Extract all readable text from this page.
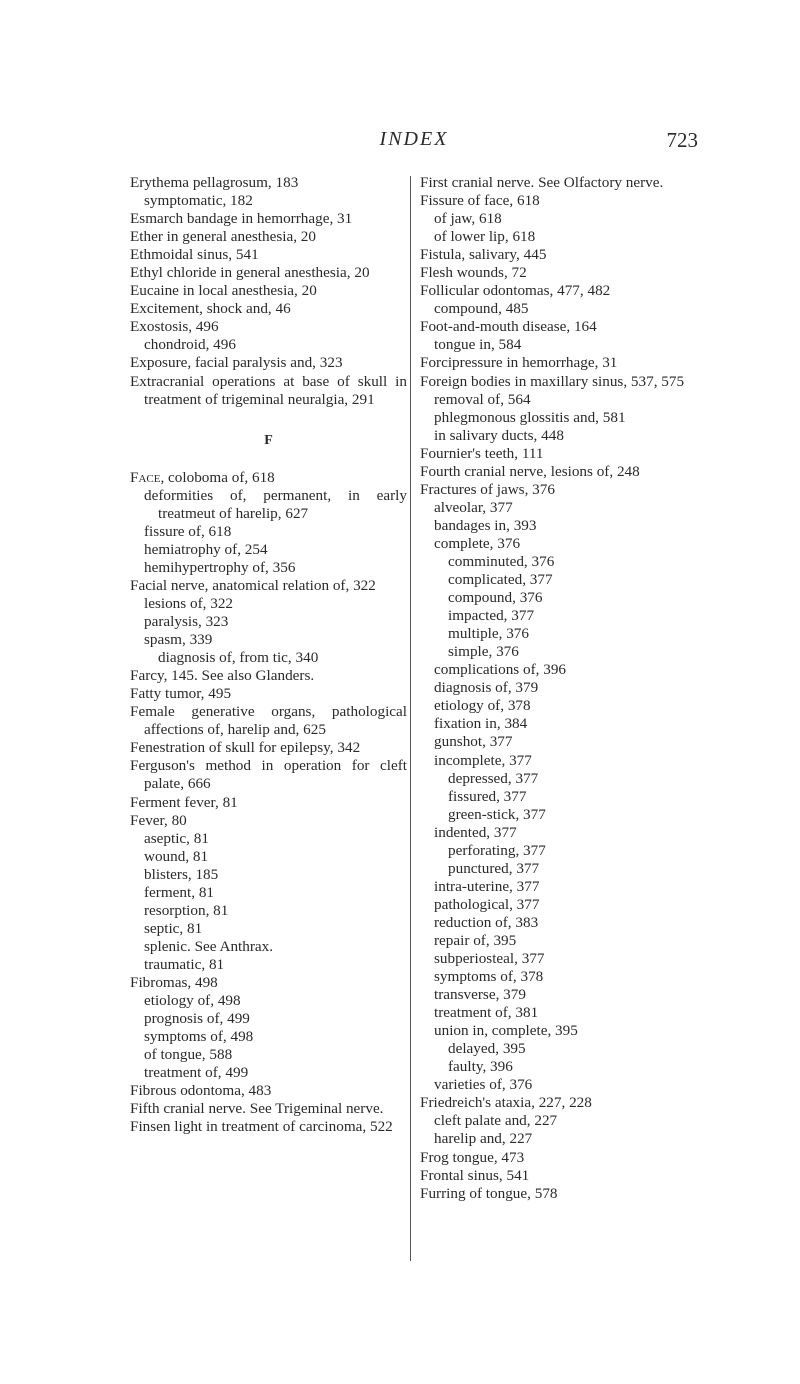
INDEX	723
Erythema pellagrosum, 183
symptomatic, 182
Esmarch bandage in hemorrhage, 31
Ether in general anesthesia, 20
Ethmoidal sinus, 541
Ethyl chloride in general anesthesia, 20
Eucaine in local anesthesia, 20
Excitement, shock and, 46
Exostosis, 496
chondroid, 496
Exposure, facial paralysis and, 323
Extracranial operations at base of skull in treatment of trigeminal neuralgia, 291
F
Face, coloboma of, 618
deformities of, permanent, in early treatmeut of harelip, 627
fissure of, 618
hemiatrophy of, 254
hemihypertrophy of, 356
Facial nerve, anatomical relation of, 322
lesions of, 322
paralysis, 323
spasm, 339
diagnosis of, from tic, 340
Farcy, 145. See also Glanders.
Fatty tumor, 495
Female generative organs, pathological affections of, harelip and, 625
Fenestration of skull for epilepsy, 342
Ferguson's method in operation for cleft palate, 666
Ferment fever, 81
Fever, 80
aseptic, 81
wound, 81
blisters, 185
ferment, 81
resorption, 81
septic, 81
splenic. See Anthrax.
traumatic, 81
Fibromas, 498
etiology of, 498
prognosis of, 499
symptoms of, 498
of tongue, 588
treatment of, 499
Fibrous odontoma, 483
Fifth cranial nerve. See Trigeminal nerve.
Finsen light in treatment of carcinoma, 522
First cranial nerve. See Olfactory nerve.
Fissure of face, 618
of jaw, 618
of lower lip, 618
Fistula, salivary, 445
Flesh wounds, 72
Follicular odontomas, 477, 482
compound, 485
Foot-and-mouth disease, 164
tongue in, 584
Forcipressure in hemorrhage, 31
Foreign bodies in maxillary sinus, 537, 575
removal of, 564
phlegmonous glossitis and, 581
in salivary ducts, 448
Fournier's teeth, 111
Fourth cranial nerve, lesions of, 248
Fractures of jaws, 376
alveolar, 377
bandages in, 393
complete, 376
comminuted, 376
complicated, 377
compound, 376
impacted, 377
multiple, 376
simple, 376
complications of, 396
diagnosis of, 379
etiology of, 378
fixation in, 384
gunshot, 377
incomplete, 377
depressed, 377
fissured, 377
green-stick, 377
indented, 377
perforating, 377
punctured, 377
intra-uterine, 377
pathological, 377
reduction of, 383
repair of, 395
subperiosteal, 377
symptoms of, 378
transverse, 379
treatment of, 381
union in, complete, 395
delayed, 395
faulty, 396
varieties of, 376
Friedreich's ataxia, 227, 228
cleft palate and, 227
harelip and, 227
Frog tongue, 473
Frontal sinus, 541
Furring of tongue, 578
